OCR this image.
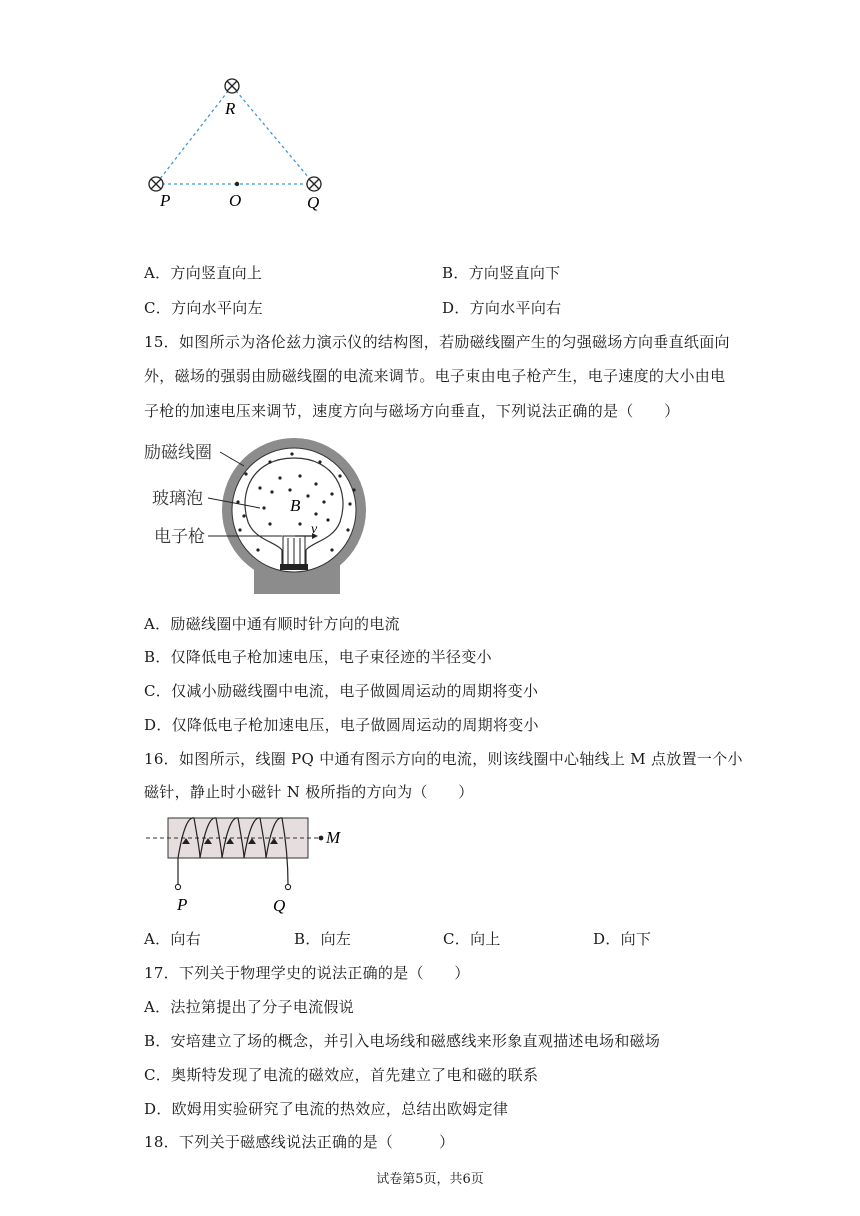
R
P	O	Q
A．方向竖直向上	B．方向竖直向下
C．方向水平向左	D．方向水平向右
15．如图所示为洛伦兹力演示仪的结构图，若励磁线圈产生的匀强磁场方向垂直纸面向
外，磁场的强弱由励磁线圈的电流来调节。电子束由电子枪产生，电子速度的大小由电
子枪的加速电压来调节，速度方向与磁场方向垂直，下列说法正确的是（　　）
励磁线圈
玻璃泡
电子枪
B
v
A．励磁线圈中通有顺时针方向的电流
B．仅降低电子枪加速电压，电子束径迹的半径变小
C．仅减小励磁线圈中电流，电子做圆周运动的周期将变小
D．仅降低电子枪加速电压，电子做圆周运动的周期将变小
16．如图所示，线圈 PQ 中通有图示方向的电流，则该线圈中心轴线上 M 点放置一个小
磁针，静止时小磁针 N 极所指的方向为（　　）
M
P	Q
A．向右	B．向左	C．向上	D．向下
17．下列关于物理学史的说法正确的是（　　）
A．法拉第提出了分子电流假说
B．安培建立了场的概念，并引入电场线和磁感线来形象直观描述电场和磁场
C．奥斯特发现了电流的磁效应，首先建立了电和磁的联系
D．欧姆用实验研究了电流的热效应，总结出欧姆定律
18．下列关于磁感线说法正确的是（　　　）
试卷第5页，共6页
